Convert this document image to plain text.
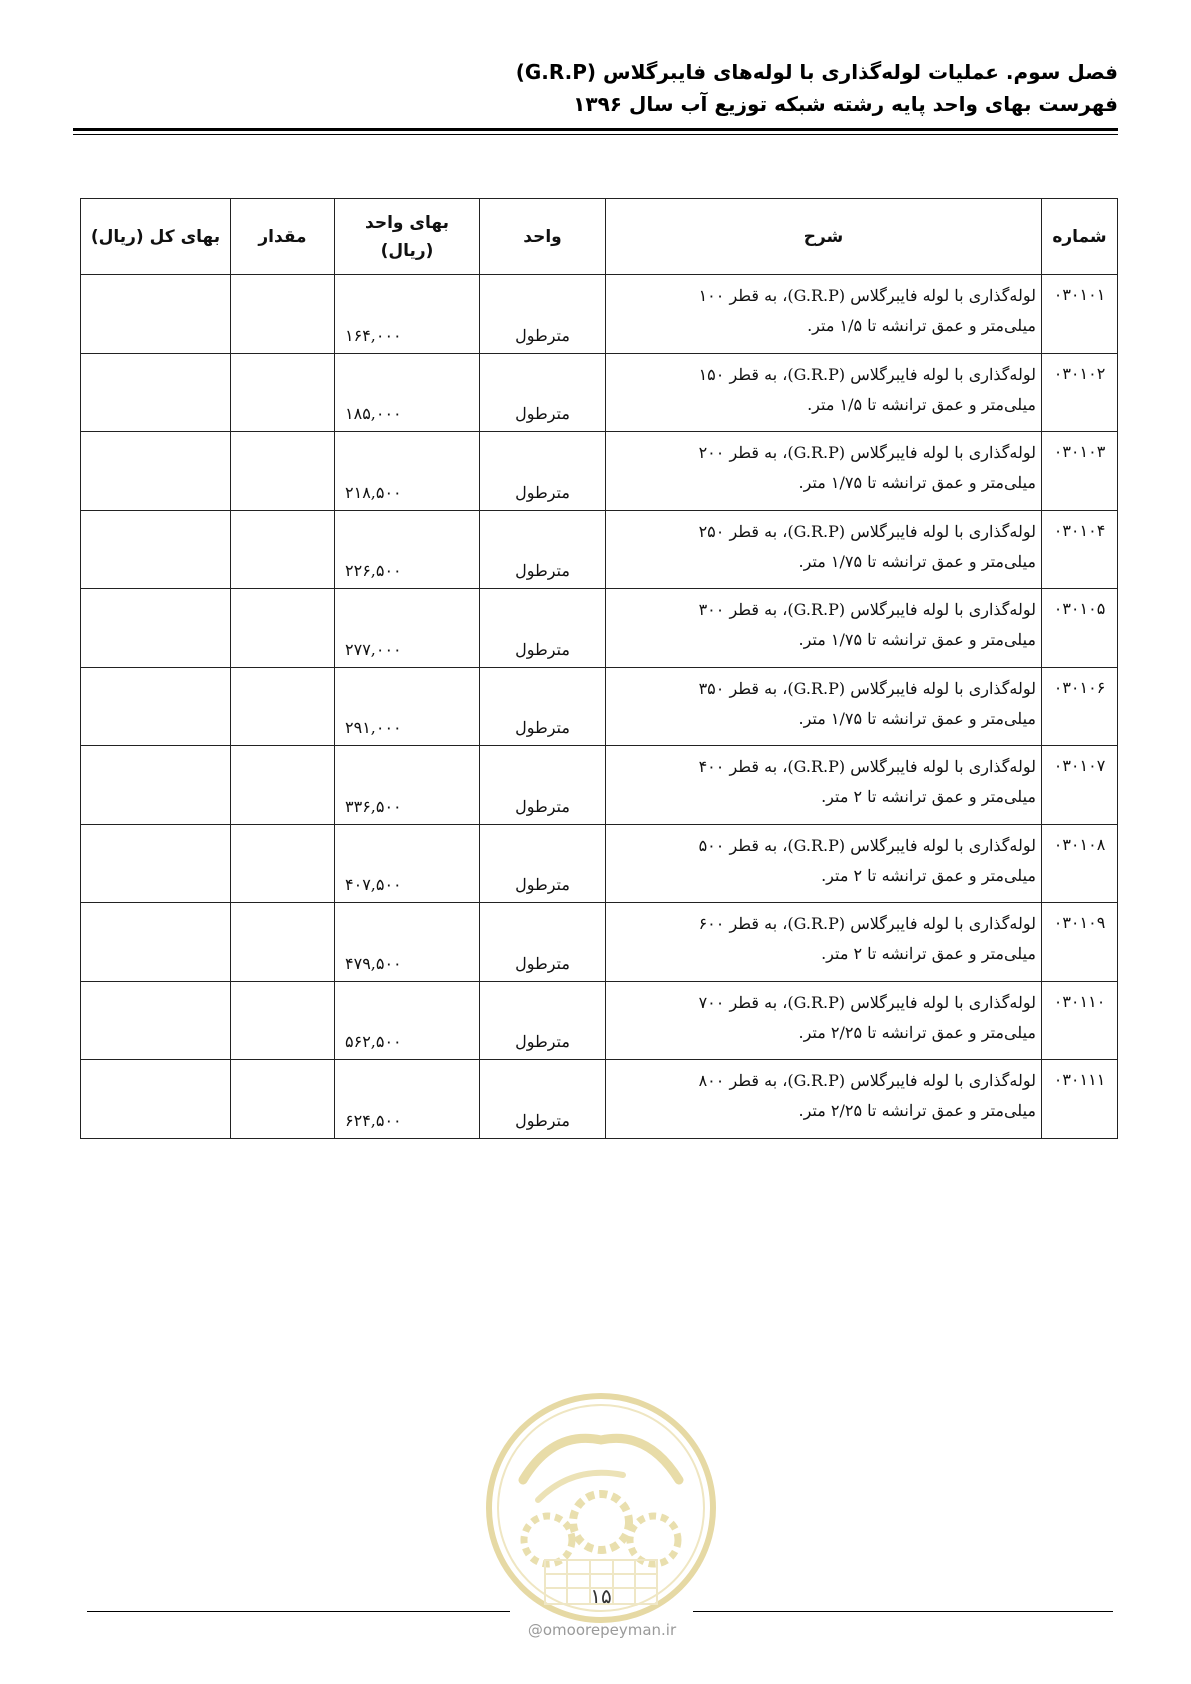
فصل سوم. عملیات لوله‌گذاری با لوله‌های فایبرگلاس (G.R.P)
فهرست بهای واحد پایه رشته شبکه توزیع آب سال ۱۳۹۶
شماره	شرح	واحد	بهای واحد
(ریال)	مقدار	بهای کل (ریال)
۰۳۰۱۰۱	لوله‌گذاری با لوله فایبرگلاس (G.R.P)، به قطر ۱۰۰
میلی‌متر و عمق ترانشه تا ۱/۵ متر.	مترطول	۱۶۴,۰۰۰		
۰۳۰۱۰۲	لوله‌گذاری با لوله فایبرگلاس (G.R.P)، به قطر ۱۵۰
میلی‌متر و عمق ترانشه تا ۱/۵ متر.	مترطول	۱۸۵,۰۰۰		
۰۳۰۱۰۳	لوله‌گذاری با لوله فایبرگلاس (G.R.P)، به قطر ۲۰۰
میلی‌متر و عمق ترانشه تا ۱/۷۵ متر.	مترطول	۲۱۸,۵۰۰		
۰۳۰۱۰۴	لوله‌گذاری با لوله فایبرگلاس (G.R.P)، به قطر ۲۵۰
میلی‌متر و عمق ترانشه تا ۱/۷۵ متر.	مترطول	۲۲۶,۵۰۰		
۰۳۰۱۰۵	لوله‌گذاری با لوله فایبرگلاس (G.R.P)، به قطر ۳۰۰
میلی‌متر و عمق ترانشه تا ۱/۷۵ متر.	مترطول	۲۷۷,۰۰۰		
۰۳۰۱۰۶	لوله‌گذاری با لوله فایبرگلاس (G.R.P)، به قطر ۳۵۰
میلی‌متر و عمق ترانشه تا ۱/۷۵ متر.	مترطول	۲۹۱,۰۰۰		
۰۳۰۱۰۷	لوله‌گذاری با لوله فایبرگلاس (G.R.P)، به قطر ۴۰۰
میلی‌متر و عمق ترانشه تا ۲ متر.	مترطول	۳۳۶,۵۰۰		
۰۳۰۱۰۸	لوله‌گذاری با لوله فایبرگلاس (G.R.P)، به قطر ۵۰۰
میلی‌متر و عمق ترانشه تا ۲ متر.	مترطول	۴۰۷,۵۰۰		
۰۳۰۱۰۹	لوله‌گذاری با لوله فایبرگلاس (G.R.P)، به قطر ۶۰۰
میلی‌متر و عمق ترانشه تا ۲ متر.	مترطول	۴۷۹,۵۰۰		
۰۳۰۱۱۰	لوله‌گذاری با لوله فایبرگلاس (G.R.P)، به قطر ۷۰۰
میلی‌متر و عمق ترانشه تا ۲/۲۵ متر.	مترطول	۵۶۲,۵۰۰		
۰۳۰۱۱۱	لوله‌گذاری با لوله فایبرگلاس (G.R.P)، به قطر ۸۰۰
میلی‌متر و عمق ترانشه تا ۲/۲۵ متر.	مترطول	۶۲۴,۵۰۰		
۱۵
@omoorepeyman.ir
